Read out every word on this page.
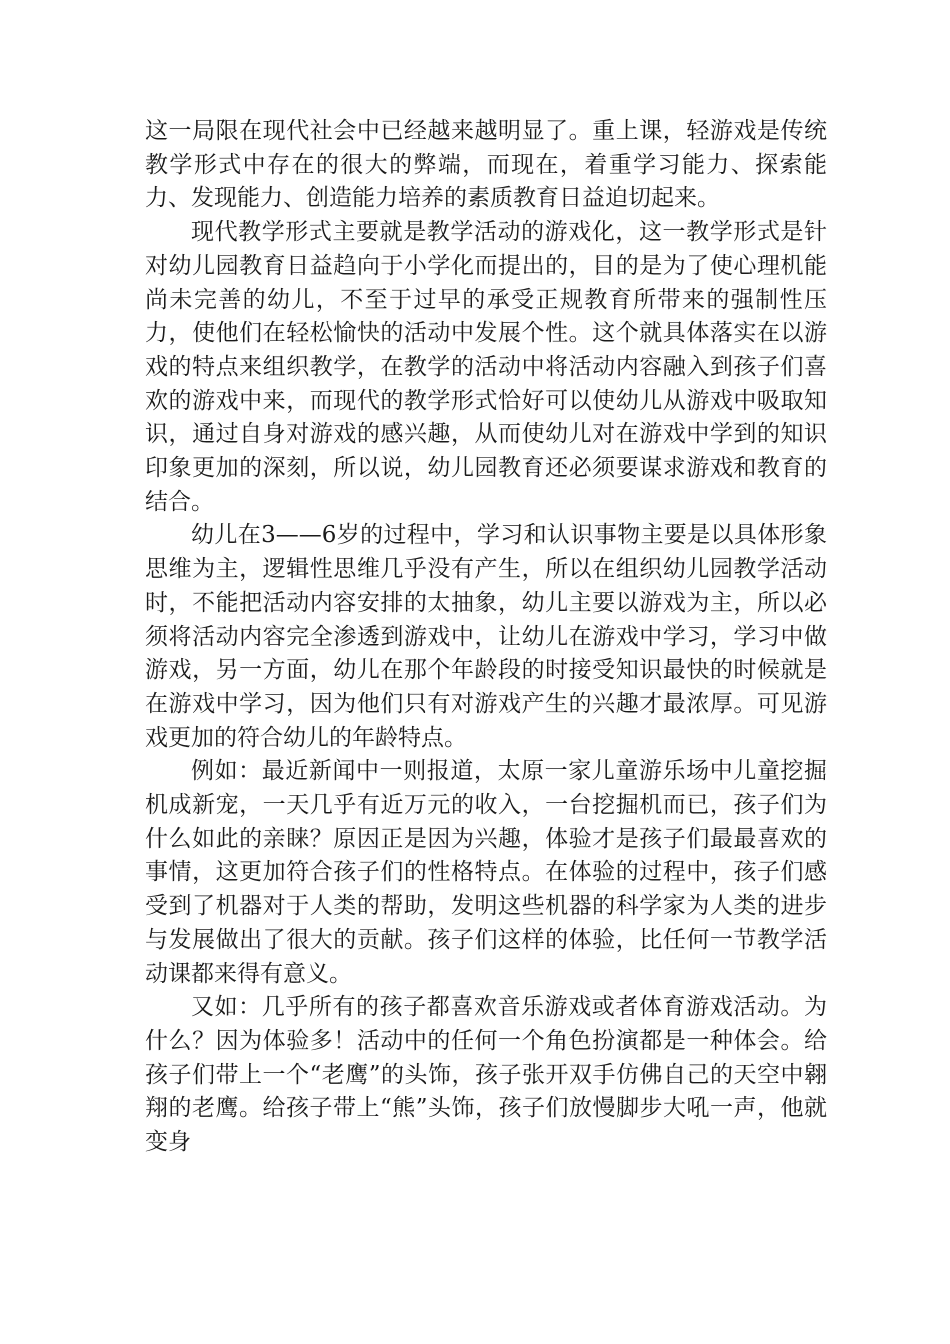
这一局限在现代社会中已经越来越明显了。重上课，轻游戏是传统教学形式中存在的很大的弊端，而现在，着重学习能力、探索能力、发现能力、创造能力培养的素质教育日益迫切起来。

现代教学形式主要就是教学活动的游戏化，这一教学形式是针对幼儿园教育日益趋向于小学化而提出的，目的是为了使心理机能尚未完善的幼儿，不至于过早的承受正规教育所带来的强制性压力，使他们在轻松愉快的活动中发展个性。这个就具体落实在以游戏的特点来组织教学，在教学的活动中将活动内容融入到孩子们喜欢的游戏中来，而现代的教学形式恰好可以使幼儿从游戏中吸取知识，通过自身对游戏的感兴趣，从而使幼儿对在游戏中学到的知识印象更加的深刻，所以说，幼儿园教育还必须要谋求游戏和教育的结合。

幼儿在3——6岁的过程中，学习和认识事物主要是以具体形象思维为主，逻辑性思维几乎没有产生，所以在组织幼儿园教学活动时，不能把活动内容安排的太抽象，幼儿主要以游戏为主，所以必须将活动内容完全渗透到游戏中，让幼儿在游戏中学习，学习中做游戏，另一方面，幼儿在那个年龄段的时接受知识最快的时候就是在游戏中学习，因为他们只有对游戏产生的兴趣才最浓厚。可见游戏更加的符合幼儿的年龄特点。

例如：最近新闻中一则报道，太原一家儿童游乐场中儿童挖掘机成新宠，一天几乎有近万元的收入，一台挖掘机而已，孩子们为什么如此的亲睐？原因正是因为兴趣，体验才是孩子们最最喜欢的事情，这更加符合孩子们的性格特点。在体验的过程中，孩子们感受到了机器对于人类的帮助，发明这些机器的科学家为人类的进步与发展做出了很大的贡献。孩子们这样的体验，比任何一节教学活动课都来得有意义。

又如：几乎所有的孩子都喜欢音乐游戏或者体育游戏活动。为什么？因为体验多！活动中的任何一个角色扮演都是一种体会。给孩子们带上一个“老鹰”的头饰，孩子张开双手仿佛自己的天空中翱翔的老鹰。给孩子带上“熊”头饰，孩子们放慢脚步大吼一声，他就变身
